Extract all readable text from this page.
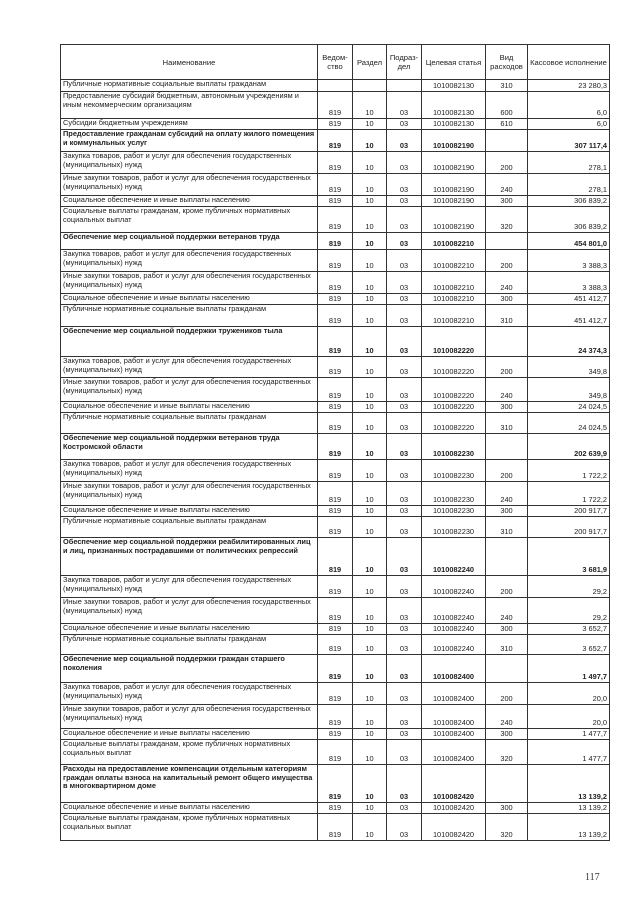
Наименование	Ведом-ство	Раздел	Подраз-дел	Целевая статья	Вид расходов	Кассовое исполнение
Публичные нормативные социальные выплаты гражданам				1010082130	310	23 280,3
Предоставление субсидий бюджетным, автономным учреждениям и иным некоммерческим организациям	819	10	03	1010082130	600	6,0
Субсидии бюджетным учреждениям	819	10	03	1010082130	610	6,0
Предоставление гражданам субсидий на оплату жилого помещения и коммунальных услуг	819	10	03	1010082190		307 117,4
Закупка товаров, работ и услуг для обеспечения государственных (муниципальных) нужд	819	10	03	1010082190	200	278,1
Иные закупки товаров, работ и услуг для обеспечения государственных (муниципальных) нужд	819	10	03	1010082190	240	278,1
Социальное обеспечение и иные выплаты населению	819	10	03	1010082190	300	306 839,2
Социальные выплаты гражданам, кроме публичных нормативных социальных выплат	819	10	03	1010082190	320	306 839,2
Обеспечение мер социальной поддержки ветеранов труда	819	10	03	1010082210		454 801,0
Закупка товаров, работ и услуг для обеспечения государственных (муниципальных) нужд	819	10	03	1010082210	200	3 388,3
Иные закупки товаров, работ и услуг для обеспечения государственных (муниципальных) нужд	819	10	03	1010082210	240	3 388,3
Социальное обеспечение и иные выплаты населению	819	10	03	1010082210	300	451 412,7
Публичные нормативные социальные выплаты гражданам	819	10	03	1010082210	310	451 412,7
Обеспечение мер социальной поддержки тружеников тыла	819	10	03	1010082220		24 374,3
Закупка товаров, работ и услуг для обеспечения государственных (муниципальных) нужд	819	10	03	1010082220	200	349,8
Иные закупки товаров, работ и услуг для обеспечения государственных (муниципальных) нужд	819	10	03	1010082220	240	349,8
Социальное обеспечение и иные выплаты населению	819	10	03	1010082220	300	24 024,5
Публичные нормативные социальные выплаты гражданам	819	10	03	1010082220	310	24 024,5
Обеспечение мер социальной поддержки ветеранов труда Костромской области	819	10	03	1010082230		202 639,9
Закупка товаров, работ и услуг для обеспечения государственных (муниципальных) нужд	819	10	03	1010082230	200	1 722,2
Иные закупки товаров, работ и услуг для обеспечения государственных (муниципальных) нужд	819	10	03	1010082230	240	1 722,2
Социальное обеспечение и иные выплаты населению	819	10	03	1010082230	300	200 917,7
Публичные нормативные социальные выплаты гражданам	819	10	03	1010082230	310	200 917,7
Обеспечение мер социальной поддержки реабилитированных лиц и лиц, признанных пострадавшими от политических репрессий	819	10	03	1010082240		3 681,9
Закупка товаров, работ и услуг для обеспечения государственных (муниципальных) нужд	819	10	03	1010082240	200	29,2
Иные закупки товаров, работ и услуг для обеспечения государственных (муниципальных) нужд	819	10	03	1010082240	240	29,2
Социальное обеспечение и иные выплаты населению	819	10	03	1010082240	300	3 652,7
Публичные нормативные социальные выплаты гражданам	819	10	03	1010082240	310	3 652,7
Обеспечение мер социальной поддержки граждан старшего поколения	819	10	03	1010082400		1 497,7
Закупка товаров, работ и услуг для обеспечения государственных (муниципальных) нужд	819	10	03	1010082400	200	20,0
Иные закупки товаров, работ и услуг для обеспечения государственных (муниципальных) нужд	819	10	03	1010082400	240	20,0
Социальное обеспечение и иные выплаты населению	819	10	03	1010082400	300	1 477,7
Социальные выплаты гражданам, кроме публичных нормативных социальных выплат	819	10	03	1010082400	320	1 477,7
Расходы на предоставление компенсации отдельным категориям граждан оплаты взноса на капитальный ремонт общего имущества в многоквартирном доме	819	10	03	1010082420		13 139,2
Социальное обеспечение и иные выплаты населению	819	10	03	1010082420	300	13 139,2
Социальные выплаты гражданам, кроме публичных нормативных социальных выплат	819	10	03	1010082420	320	13 139,2
117
